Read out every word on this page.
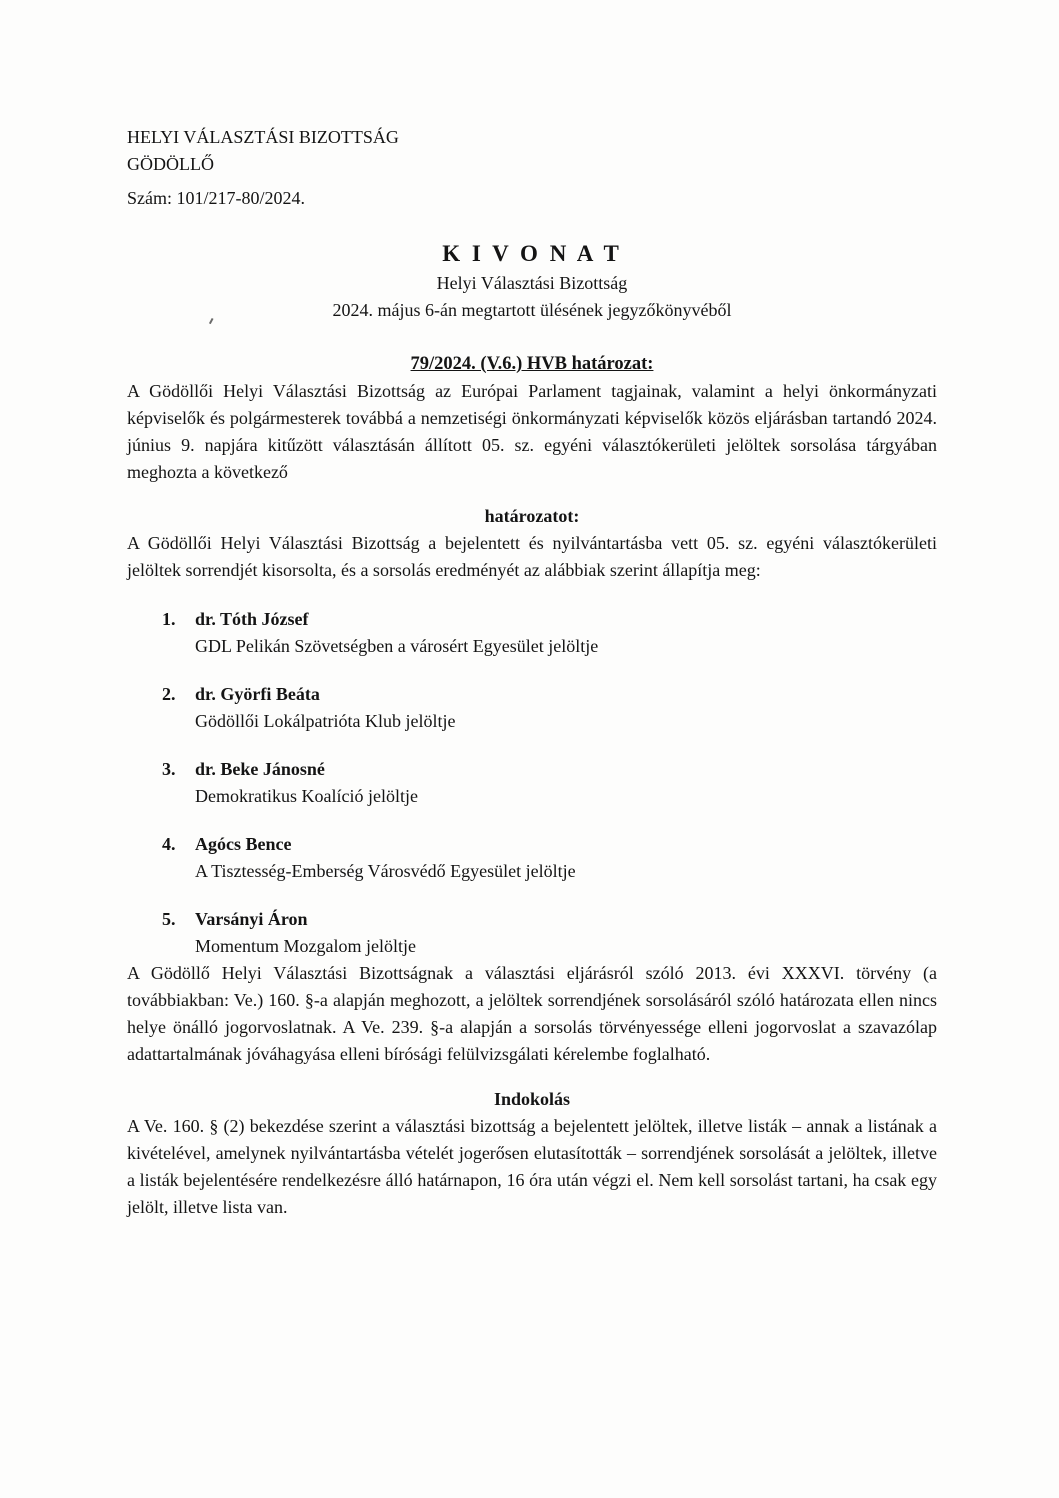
HELYI VÁLASZTÁSI BIZOTTSÁG
GÖDÖLLŐ
Szám: 101/217-80/2024.
K I V O N A T
Helyi Választási Bizottság
2024. május 6-án megtartott ülésének jegyzőkönyvéből
79/2024. (V.6.) HVB határozat:

A Gödöllői Helyi Választási Bizottság az Európai Parlament tagjainak, valamint a helyi önkormányzati képviselők és polgármesterek továbbá a nemzetiségi önkormányzati képviselők közös eljárásban tartandó 2024. június 9. napjára kitűzött választásán állított 05. sz. egyéni választókerületi jelöltek sorsolása tárgyában meghozta a következő

határozatot:

A Gödöllői Helyi Választási Bizottság a bejelentett és nyilvántartásba vett 05. sz. egyéni választókerületi jelöltek sorrendjét kisorsolta, és a sorsolás eredményét az alábbiak szerint állapítja meg:

1.	dr. Tóth József
GDL Pelikán Szövetségben a városért Egyesület jelöltje
2.	dr. Györfi Beáta
Gödöllői Lokálpatrióta Klub jelöltje
3.	dr. Beke Jánosné
Demokratikus Koalíció jelöltje
4.	Agócs Bence
A Tisztesség-Emberség Városvédő Egyesület jelöltje
5.	Varsányi Áron
Momentum Mozgalom jelöltje

A Gödöllő Helyi Választási Bizottságnak a választási eljárásról szóló 2013. évi XXXVI. törvény (a továbbiakban: Ve.) 160. §-a alapján meghozott, a jelöltek sorrendjének sorsolásáról szóló határozata ellen nincs helye önálló jogorvoslatnak. A Ve. 239. §-a alapján a sorsolás törvényessége elleni jogorvoslat a szavazólap adattartalmának jóváhagyása elleni bírósági felülvizsgálati kérelembe foglalható.

Indokolás

A Ve. 160. § (2) bekezdése szerint a választási bizottság a bejelentett jelöltek, illetve listák – annak a listának a kivételével, amelynek nyilvántartásba vételét jogerősen elutasították – sorrendjének sorsolását a jelöltek, illetve a listák bejelentésére rendelkezésre álló határnapon, 16 óra után végzi el. Nem kell sorsolást tartani, ha csak egy jelölt, illetve lista van.
